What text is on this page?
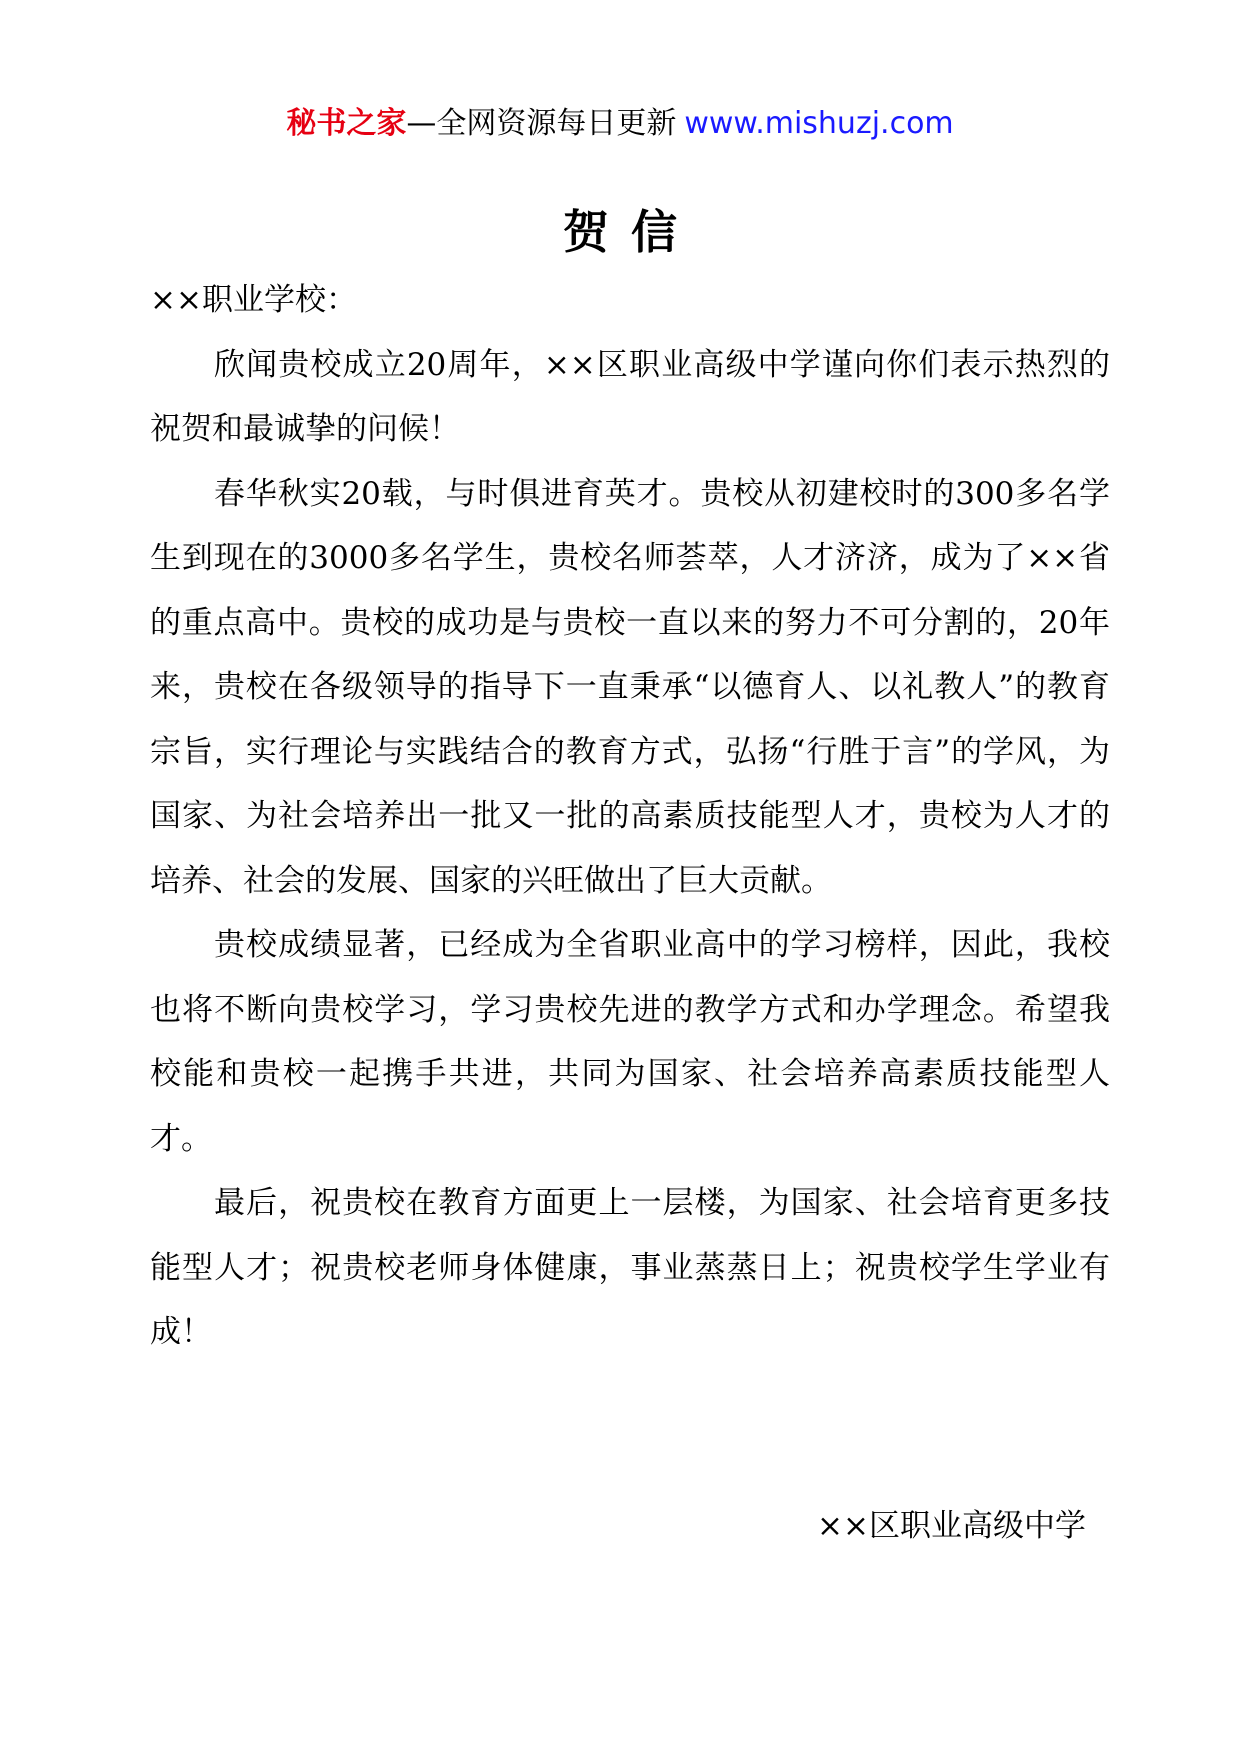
秘书之家—全网资源每日更新 www.mishuzj.com
贺信

××职业学校：

欣闻贵校成立20周年，××区职业高级中学谨向你们表示热烈的祝贺和最诚挚的问候！

春华秋实20载，与时俱进育英才。贵校从初建校时的300多名学生到现在的3000多名学生，贵校名师荟萃，人才济济，成为了××省的重点高中。贵校的成功是与贵校一直以来的努力不可分割的，20年来，贵校在各级领导的指导下一直秉承“以德育人、以礼教人”的教育宗旨，实行理论与实践结合的教育方式，弘扬“行胜于言”的学风，为国家、为社会培养出一批又一批的高素质技能型人才，贵校为人才的培养、社会的发展、国家的兴旺做出了巨大贡献。

贵校成绩显著，已经成为全省职业高中的学习榜样，因此，我校也将不断向贵校学习，学习贵校先进的教学方式和办学理念。希望我校能和贵校一起携手共进，共同为国家、社会培养高素质技能型人才。

最后，祝贵校在教育方面更上一层楼，为国家、社会培育更多技能型人才；祝贵校老师身体健康，事业蒸蒸日上；祝贵校学生学业有成！

××区职业高级中学
